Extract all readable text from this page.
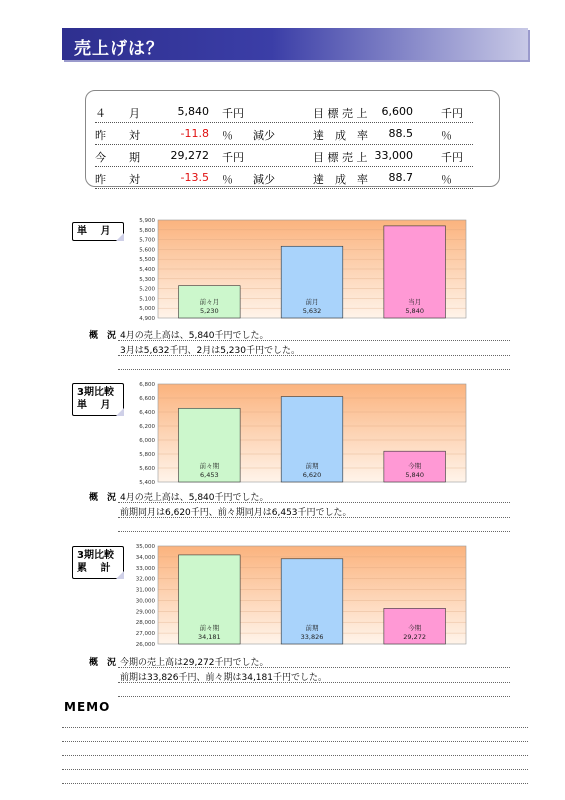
売上げは？
４ 月	5,840 千円	目 標 売 上	6,600	千円
昨 対	-11.8 ％ 減少	達　成　率	88.5	％
今 期	29,272 千円	目 標 売 上 33,000	千円
昨 対	-13.5 ％ 減少	達　成　率	88.7	％
単　 月
4,900
5,000
5,100
5,200
5,300
5,400
5,500
5,600
5,700
5,800
5,900
前々月
5,230
前月
5,632
当月
5,840
概　況 4月の売上高は、5,840千円でした。
3月は5,632千円、2月は5,230千円でした。
3期比較
単　 月
5,400
5,600
5,800
6,000
6,200
6,400
6,600
6,800
前々期
6,453
前期
6,620
今期
5,840
概　況 4月の売上高は、5,840千円でした。
前期同月は6,620千円、前々期同月は6,453千円でした。
3期比較
累　 計
26,000
27,000
28,000
29,000
30,000
31,000
32,000
33,000
34,000
35,000
前々期
34,181
前期
33,826
今期
29,272
概　況 今期の売上高は29,272千円でした。
前期は33,826千円、前々期は34,181千円でした。
MEMO
